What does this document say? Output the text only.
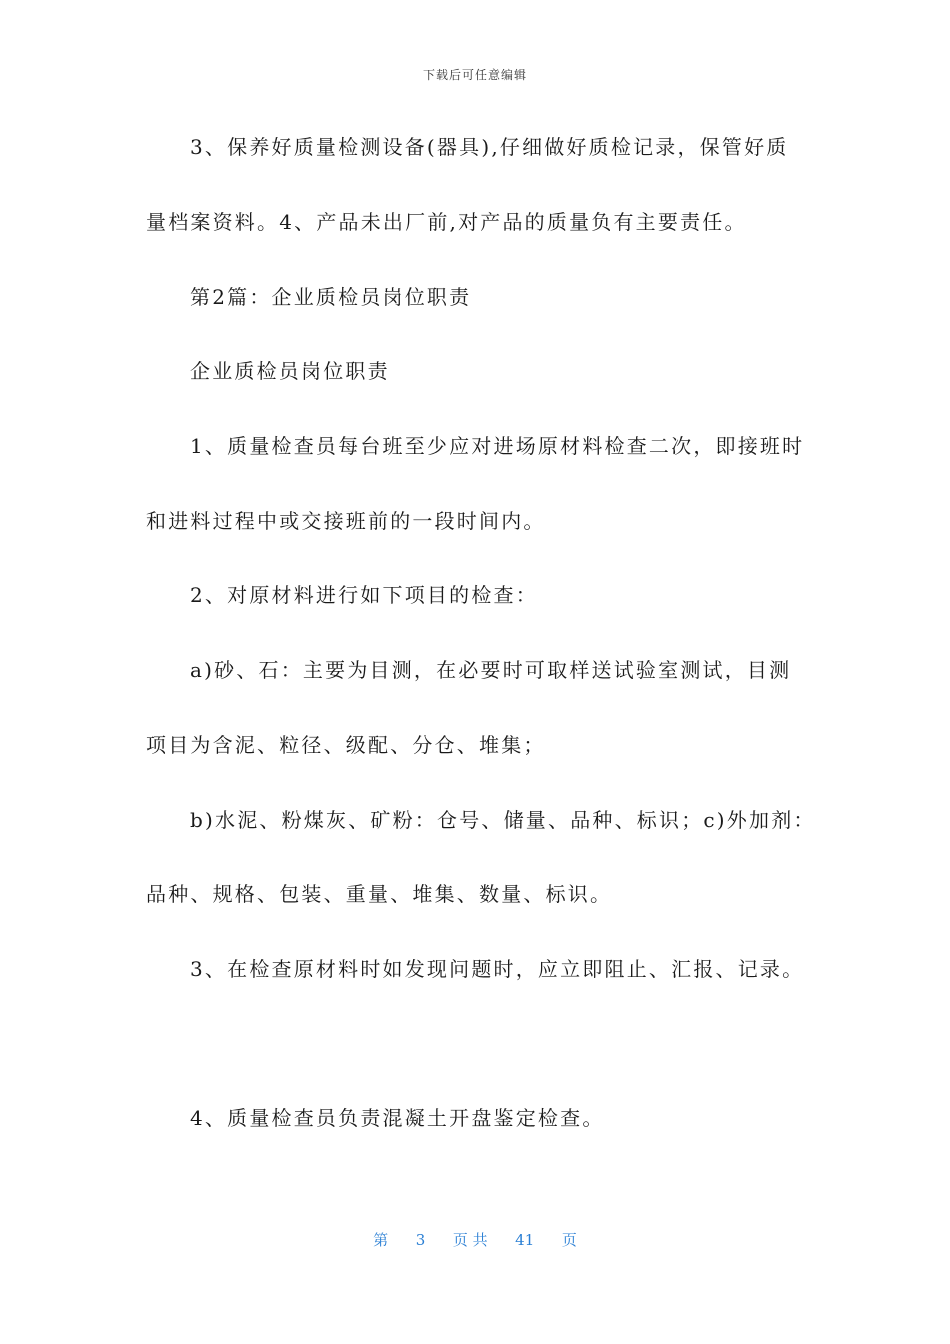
下载后可任意编辑
3、保养好质量检测设备(器具),仔细做好质检记录，保管好质
量档案资料。4、产品未出厂前,对产品的质量负有主要责任。
第2篇：企业质检员岗位职责
企业质检员岗位职责
1、质量检查员每台班至少应对进场原材料检查二次，即接班时
和进料过程中或交接班前的一段时间内。
2、对原材料进行如下项目的检查：
a)砂、石：主要为目测，在必要时可取样送试验室测试，目测
项目为含泥、粒径、级配、分仓、堆集；
b)水泥、粉煤灰、矿粉：仓号、储量、品种、标识；c)外加剂：
品种、规格、包装、重量、堆集、数量、标识。
3、在检查原材料时如发现问题时，应立即阻止、汇报、记录。
4、质量检查员负责混凝土开盘鉴定检查。
第 3 页 共 41 页
